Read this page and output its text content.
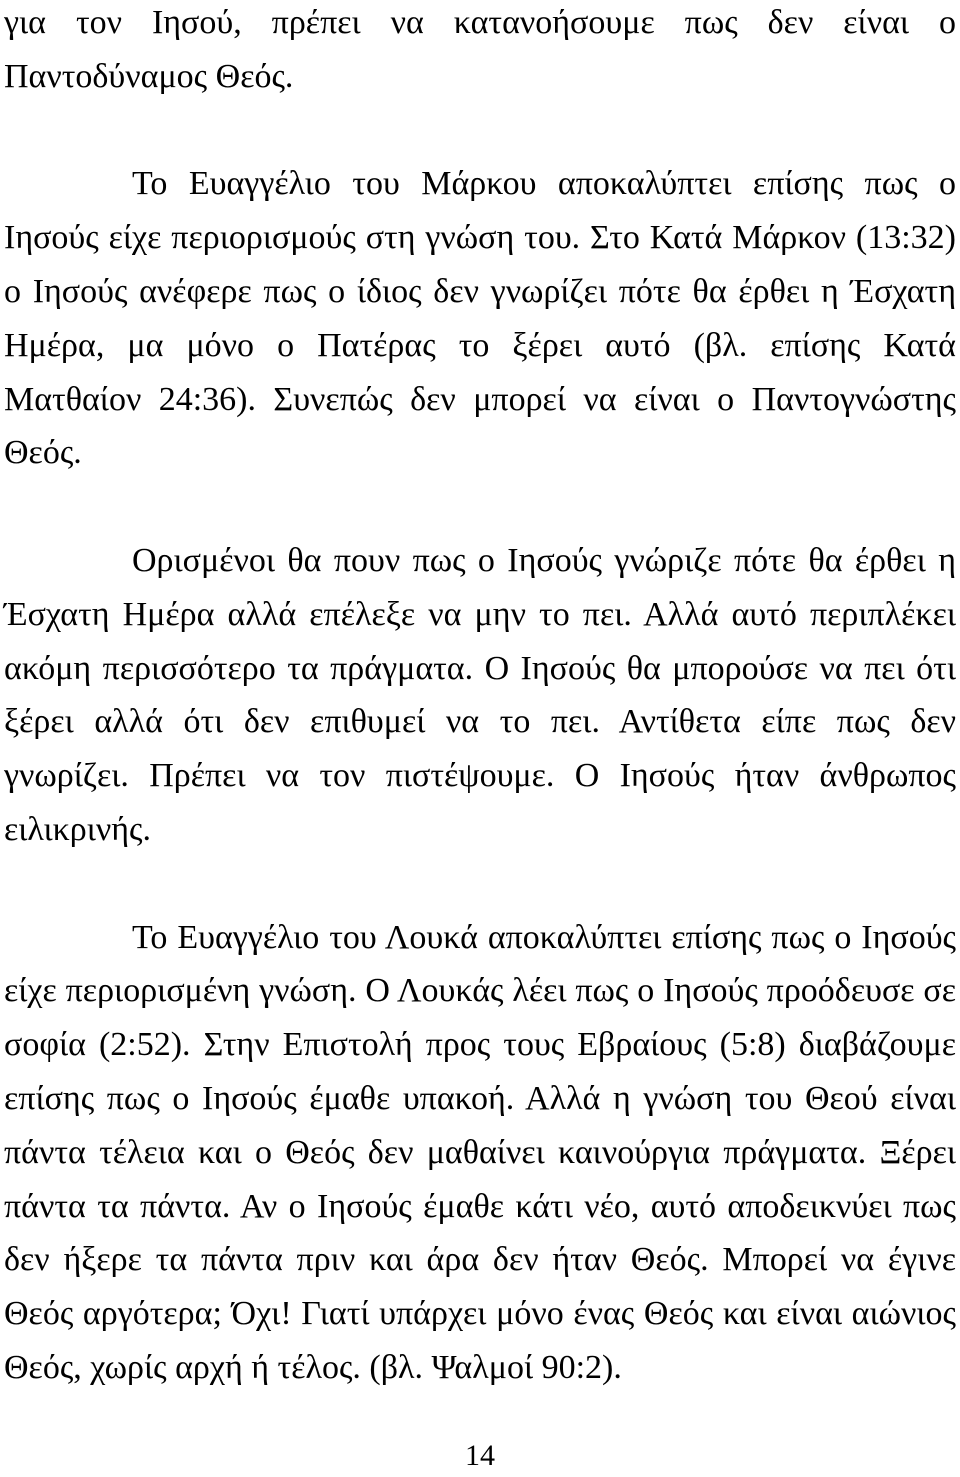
για τον Ιησού, πρέπει να κατανοήσουμε πως δεν είναι ο Παντοδύναμος Θεός.

Το Ευαγγέλιο του Μάρκου αποκαλύπτει επίσης πως ο Ιησούς είχε περιορισμούς στη γνώση του. Στο Κατά Μάρκον (13:32) ο Ιησούς ανέφερε πως ο ίδιος δεν γνωρίζει πότε θα έρθει η Έσχατη Ημέρα, μα μόνο ο Πατέρας το ξέρει αυτό (βλ. επίσης Κατά Ματθαίον 24:36). Συνεπώς δεν μπορεί να είναι ο Παντογνώστης Θεός.

Ορισμένοι θα πουν πως ο Ιησούς γνώριζε πότε θα έρθει η Έσχατη Ημέρα αλλά επέλεξε να μην το πει. Αλλά αυτό περιπλέκει ακόμη περισσότερο τα πράγματα. Ο Ιησούς θα μπορούσε να πει ότι ξέρει αλλά ότι δεν επιθυμεί να το πει. Αντίθετα είπε πως δεν γνωρίζει. Πρέπει να τον πιστέψουμε. Ο Ιησούς ήταν άνθρωπος ειλικρινής.

Το Ευαγγέλιο του Λουκά αποκαλύπτει επίσης πως ο Ιησούς είχε περιορισμένη γνώση. Ο Λουκάς λέει πως ο Ιησούς προόδευσε σε σοφία (2:52). Στην Επιστολή προς τους Εβραίους (5:8) διαβάζουμε επίσης πως ο Ιησούς έμαθε υπακοή. Αλλά η γνώση του Θεού είναι πάντα τέλεια και ο Θεός δεν μαθαίνει καινούργια πράγματα. Ξέρει πάντα τα πάντα. Αν ο Ιησούς έμαθε κάτι νέο, αυτό αποδεικνύει πως δεν ήξερε τα πάντα πριν και άρα δεν ήταν Θεός. Μπορεί να έγινε Θεός αργότερα; Όχι! Γιατί υπάρχει μόνο ένας Θεός και είναι αιώνιος Θεός, χωρίς αρχή ή τέλος. (βλ. Ψαλμοί 90:2).

14
